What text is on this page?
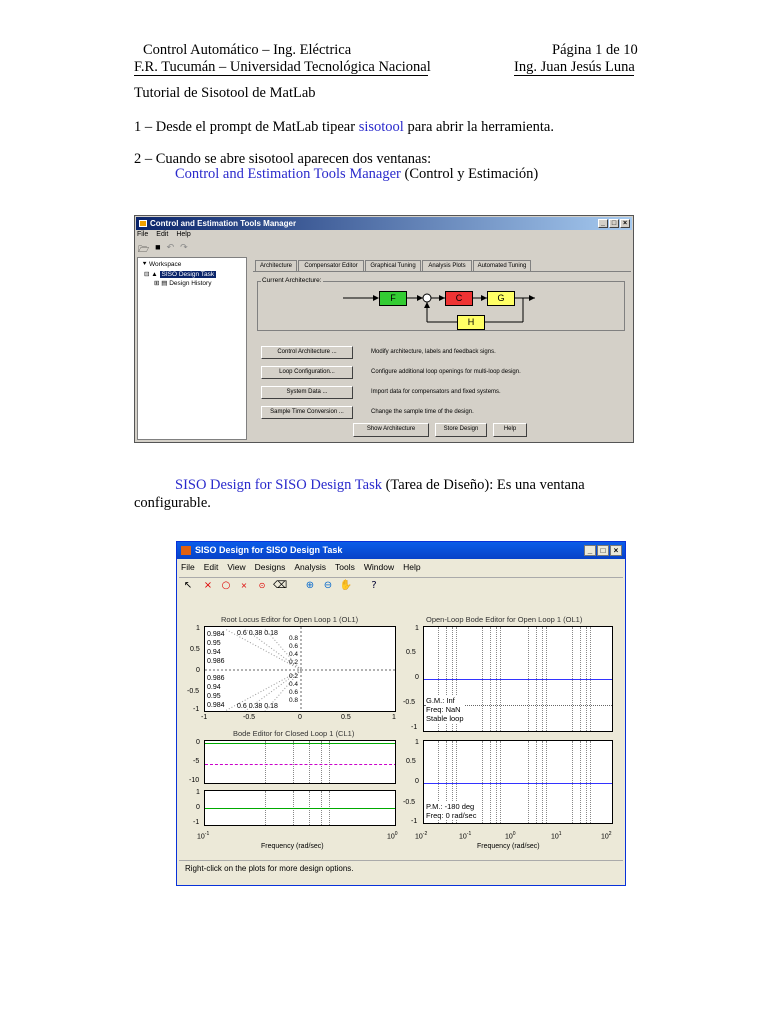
Control Automático – Ing. Eléctrica	Página 1 de 10
F.R. Tucumán – Universidad Tecnológica Nacional	Ing. Juan Jesús Luna
Tutorial de Sisotool de MatLab
1 – Desde el prompt de MatLab tipear sisotool para abrir la herramienta.
2 – Cuando se abre sisotool aparecen dos ventanas:
Control and Estimation Tools Manager (Control y Estimación)
Control and Estimation Tools Manager	_ □ ×
File Edit Help
🗁 ■ ↶ ↷
⯆ Workspace
⊟ ▲ SISO Design Task
⊞ ▤ Design History
Architecture	Compensator Editor	Graphical Tuning	Analysis Plots	Automated Tuning
Current Architecture:
F	C	G
H
Control Architecture ...	Modify architecture, labels and feedback signs.
Loop Configuration...	Configure additional loop openings for multi-loop design.
System Data ...	Import data for compensators and fixed systems.
Sample Time Conversion ...	Change the sample time of the design.
Show Architecture	Store Design	Help
SISO Design for SISO Design Task (Tarea de Diseño): Es una ventana
configurable.
SISO Design for SISO Design Task	_	□	×
File Edit View Designs Analysis Tools Window Help
↖ × ○	⨯	⊙ ⌫ ⊕ ⊖ ✋	?
Root Locus Editor for Open Loop 1 (OL1)
0.984
0.95
0.94
0.986
0.986
0.94
0.95
0.984
0.6 0.38 0.18
0.6 0.38 0.18
0.8
0.6
0.4
0.2
0.2
0.4
0.6
0.8
1
0.5
0
-0.5
-1
-1	-0.5	0	0.5	1
Open-Loop Bode Editor for Open Loop 1 (OL1)
G.M.: Inf
Freq: NaN
Stable loop
1
0.5
0
-0.5
-1
P.M.: -180 deg
Freq: 0 rad/sec
1
0.5
0
-0.5
-1
$10^{-2}$	$10^{-1}$	$10^0$	$10^1$	$10^2$
Frequency (rad/sec)
Bode Editor for Closed Loop 1 (CL1)
0
-5
-10
1
0
-1
$10^{-1}$	$10^0$
Frequency (rad/sec)
Right-click on the plots for more design options.
